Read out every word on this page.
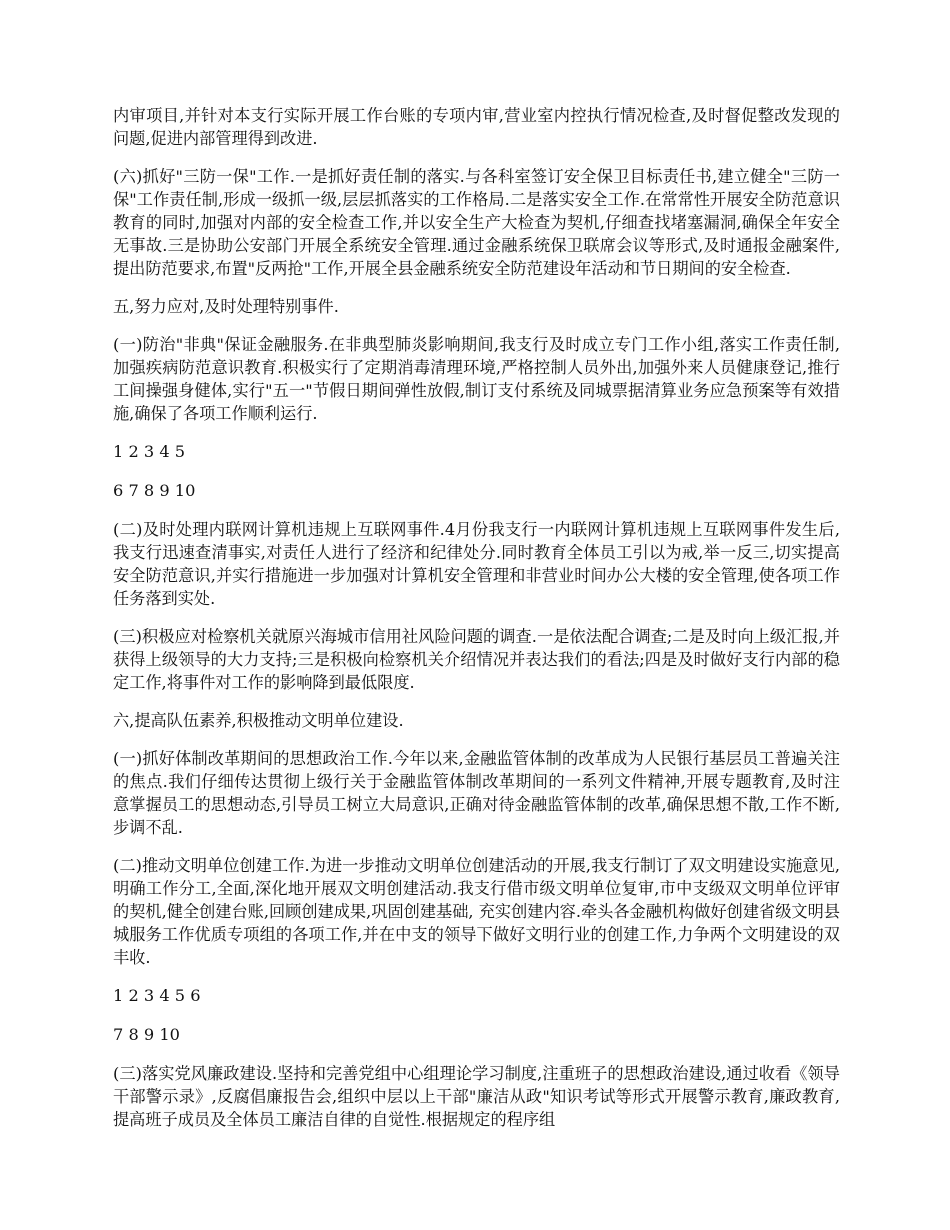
内审项目,并针对本支行实际开展工作台账的专项内审,营业室内控执行情况检查,及时督促整改发现的问题,促进内部管理得到改进.

(六)抓好"三防一保"工作.一是抓好责任制的落实.与各科室签订安全保卫目标责任书,建立健全"三防一保"工作责任制,形成一级抓一级,层层抓落实的工作格局.二是落实安全工作.在常常性开展安全防范意识教育的同时,加强对内部的安全检查工作,并以安全生产大检查为契机,仔细查找堵塞漏洞,确保全年安全无事故.三是协助公安部门开展全系统安全管理.通过金融系统保卫联席会议等形式,及时通报金融案件,提出防范要求,布置"反两抢"工作,开展全县金融系统安全防范建设年活动和节日期间的安全检查.

五,努力应对,及时处理特别事件.

(一)防治"非典"保证金融服务.在非典型肺炎影响期间,我支行及时成立专门工作小组,落实工作责任制,加强疾病防范意识教育.积极实行了定期消毒清理环境,严格控制人员外出,加强外来人员健康登记,推行工间操强身健体,实行"五一"节假日期间弹性放假,制订支付系统及同城票据清算业务应急预案等有效措施,确保了各项工作顺利运行.

1 2 3 4 5

6 7 8 9 10

(二)及时处理内联网计算机违规上互联网事件.4月份我支行一内联网计算机违规上互联网事件发生后,我支行迅速查清事实,对责任人进行了经济和纪律处分.同时教育全体员工引以为戒,举一反三,切实提高安全防范意识,并实行措施进一步加强对计算机安全管理和非营业时间办公大楼的安全管理,使各项工作任务落到实处.

(三)积极应对检察机关就原兴海城市信用社风险问题的调查.一是依法配合调查;二是及时向上级汇报,并获得上级领导的大力支持;三是积极向检察机关介绍情况并表达我们的看法;四是及时做好支行内部的稳定工作,将事件对工作的影响降到最低限度.

六,提高队伍素养,积极推动文明单位建设.

(一)抓好体制改革期间的思想政治工作.今年以来,金融监管体制的改革成为人民银行基层员工普遍关注的焦点.我们仔细传达贯彻上级行关于金融监管体制改革期间的一系列文件精神,开展专题教育,及时注意掌握员工的思想动态,引导员工树立大局意识,正确对待金融监管体制的改革,确保思想不散,工作不断,步调不乱.

(二)推动文明单位创建工作.为进一步推动文明单位创建活动的开展,我支行制订了双文明建设实施意见, 明确工作分工,全面,深化地开展双文明创建活动.我支行借市级文明单位复审,市中支级双文明单位评审的契机,健全创建台账,回顾创建成果,巩固创建基础, 充实创建内容.牵头各金融机构做好创建省级文明县城服务工作优质专项组的各项工作,并在中支的领导下做好文明行业的创建工作,力争两个文明建设的双丰收.

1 2 3 4 5 6

7 8 9 10

(三)落实党风廉政建设.坚持和完善党组中心组理论学习制度,注重班子的思想政治建设,通过收看《领导干部警示录》,反腐倡廉报告会,组织中层以上干部"廉洁从政"知识考试等形式开展警示教育,廉政教育,提高班子成员及全体员工廉洁自律的自觉性.根据规定的程序组
